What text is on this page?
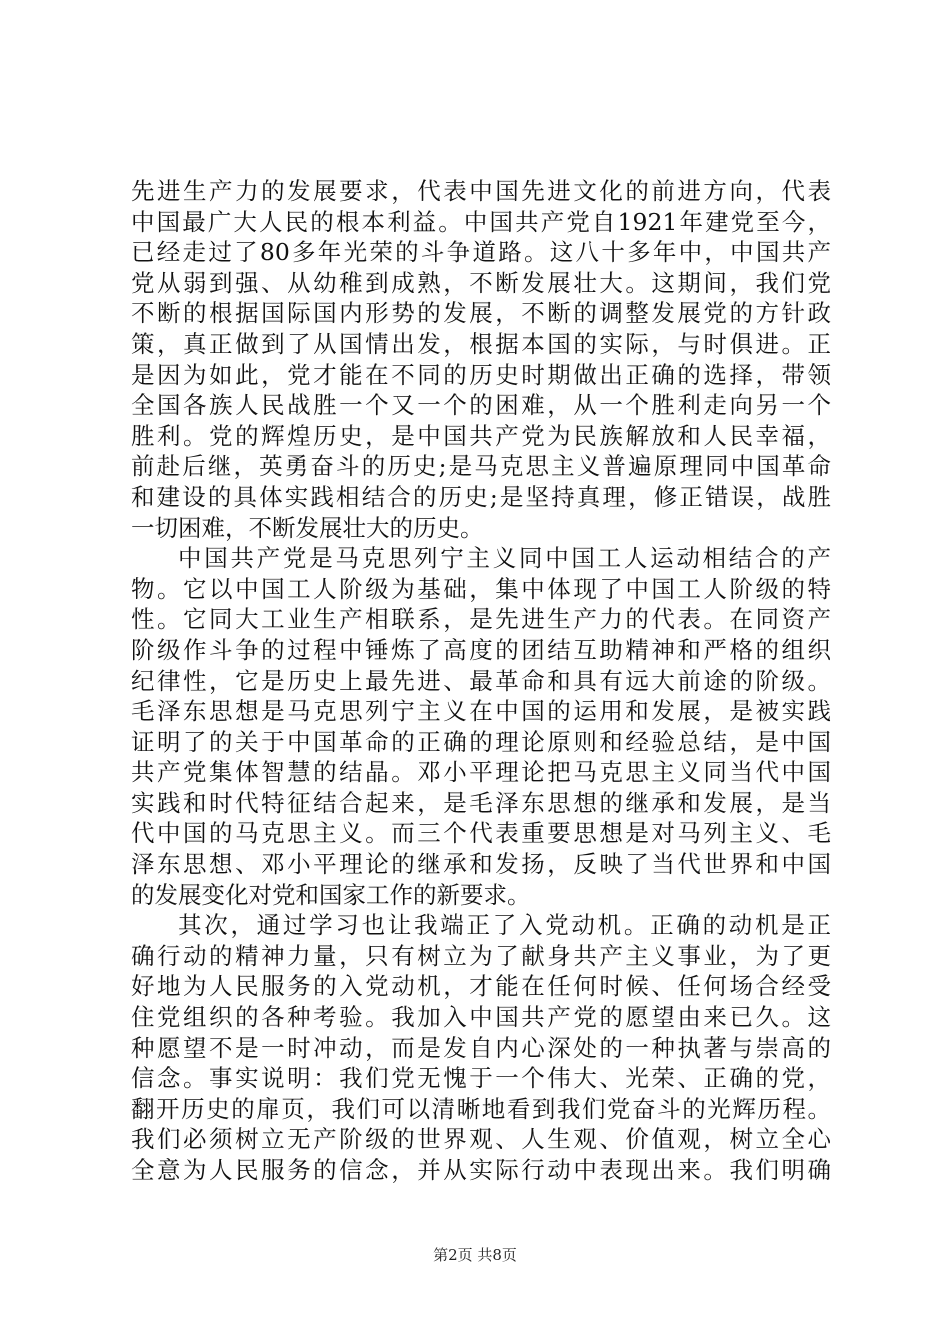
先进生产力的发展要求，代表中国先进文化的前进方向，代表
中国最广大人民的根本利益。中国共产党自1921年建党至今，
已经走过了80多年光荣的斗争道路。这八十多年中，中国共产
党从弱到强、从幼稚到成熟，不断发展壮大。这期间，我们党
不断的根据国际国内形势的发展，不断的调整发展党的方针政
策，真正做到了从国情出发，根据本国的实际，与时俱进。正
是因为如此，党才能在不同的历史时期做出正确的选择，带领
全国各族人民战胜一个又一个的困难，从一个胜利走向另一个
胜利。党的辉煌历史，是中国共产党为民族解放和人民幸福，
前赴后继，英勇奋斗的历史;是马克思主义普遍原理同中国革命
和建设的具体实践相结合的历史;是坚持真理，修正错误，战胜
一切困难，不断发展壮大的历史。
中国共产党是马克思列宁主义同中国工人运动相结合的产
物。它以中国工人阶级为基础，集中体现了中国工人阶级的特
性。它同大工业生产相联系，是先进生产力的代表。在同资产
阶级作斗争的过程中锤炼了高度的团结互助精神和严格的组织
纪律性，它是历史上最先进、最革命和具有远大前途的阶级。
毛泽东思想是马克思列宁主义在中国的运用和发展，是被实践
证明了的关于中国革命的正确的理论原则和经验总结，是中国
共产党集体智慧的结晶。邓小平理论把马克思主义同当代中国
实践和时代特征结合起来，是毛泽东思想的继承和发展，是当
代中国的马克思主义。而三个代表重要思想是对马列主义、毛
泽东思想、邓小平理论的继承和发扬，反映了当代世界和中国
的发展变化对党和国家工作的新要求。
其次，通过学习也让我端正了入党动机。正确的动机是正
确行动的精神力量，只有树立为了献身共产主义事业，为了更
好地为人民服务的入党动机，才能在任何时候、任何场合经受
住党组织的各种考验。我加入中国共产党的愿望由来已久。这
种愿望不是一时冲动，而是发自内心深处的一种执著与崇高的
信念。事实说明：我们党无愧于一个伟大、光荣、正确的党，
翻开历史的扉页，我们可以清晰地看到我们党奋斗的光辉历程。
我们必须树立无产阶级的世界观、人生观、价值观，树立全心
全意为人民服务的信念，并从实际行动中表现出来。我们明确
第2页 共8页
